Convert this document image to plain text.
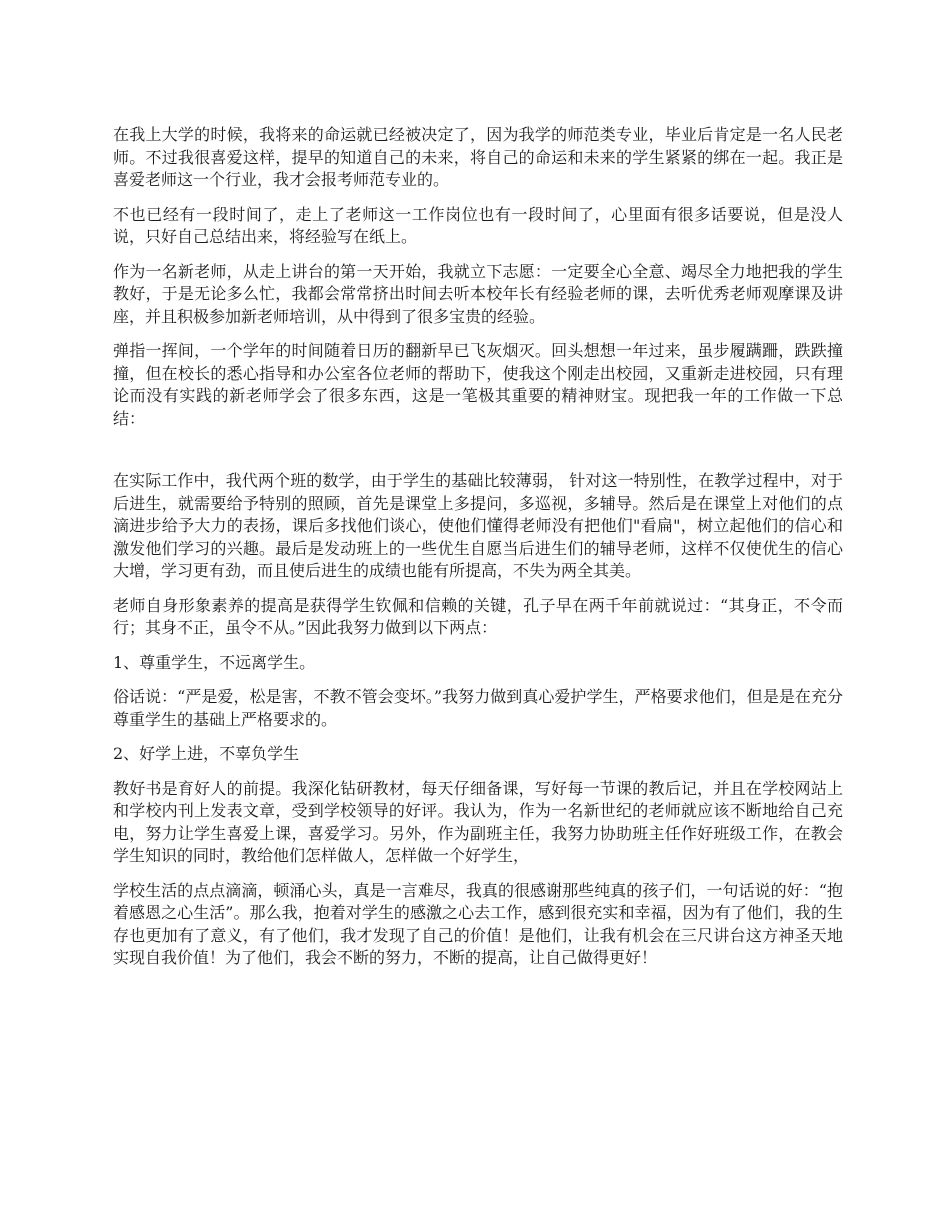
在我上大学的时候，我将来的命运就已经被决定了，因为我学的师范类专业，毕业后肯定是一名人民老师。不过我很喜爱这样，提早的知道自己的未来，将自己的命运和未来的学生紧紧的绑在一起。我正是喜爱老师这一个行业，我才会报考师范专业的。

不也已经有一段时间了，走上了老师这一工作岗位也有一段时间了，心里面有很多话要说，但是没人说，只好自己总结出来，将经验写在纸上。

作为一名新老师，从走上讲台的第一天开始，我就立下志愿：一定要全心全意、竭尽全力地把我的学生教好，于是无论多么忙，我都会常常挤出时间去听本校年长有经验老师的课，去听优秀老师观摩课及讲座，并且积极参加新老师培训，从中得到了很多宝贵的经验。

弹指一挥间，一个学年的时间随着日历的翻新早已飞灰烟灭。回头想想一年过来，虽步履蹒跚，跌跌撞撞，但在校长的悉心指导和办公室各位老师的帮助下，使我这个刚走出校园，又重新走进校园，只有理论而没有实践的新老师学会了很多东西，这是一笔极其重要的精神财宝。现把我一年的工作做一下总结：

在实际工作中，我代两个班的数学，由于学生的基础比较薄弱， 针对这一特别性，在教学过程中，对于后进生，就需要给予特别的照顾，首先是课堂上多提问，多巡视，多辅导。然后是在课堂上对他们的点滴进步给予大力的表扬，课后多找他们谈心，使他们懂得老师没有把他们"看扁"，树立起他们的信心和激发他们学习的兴趣。最后是发动班上的一些优生自愿当后进生们的辅导老师，这样不仅使优生的信心大增，学习更有劲，而且使后进生的成绩也能有所提高，不失为两全其美。

老师自身形象素养的提高是获得学生钦佩和信赖的关键，孔子早在两千年前就说过：“其身正，不令而行；其身不正，虽令不从。”因此我努力做到以下两点：

1、尊重学生，不远离学生。

俗话说：“严是爱，松是害，不教不管会变坏。”我努力做到真心爱护学生，严格要求他们，但是是在充分尊重学生的基础上严格要求的。

2、好学上进，不辜负学生

教好书是育好人的前提。我深化钻研教材，每天仔细备课，写好每一节课的教后记，并且在学校网站上和学校内刊上发表文章，受到学校领导的好评。我认为，作为一名新世纪的老师就应该不断地给自己充电，努力让学生喜爱上课，喜爱学习。另外，作为副班主任，我努力协助班主任作好班级工作，在教会学生知识的同时，教给他们怎样做人，怎样做一个好学生，

学校生活的点点滴滴，顿涌心头，真是一言难尽，我真的很感谢那些纯真的孩子们，一句话说的好：“抱着感恩之心生活”。那么我，抱着对学生的感激之心去工作，感到很充实和幸福，因为有了他们，我的生存也更加有了意义，有了他们，我才发现了自己的价值！是他们，让我有机会在三尺讲台这方神圣天地实现自我价值！为了他们，我会不断的努力，不断的提高，让自己做得更好！
